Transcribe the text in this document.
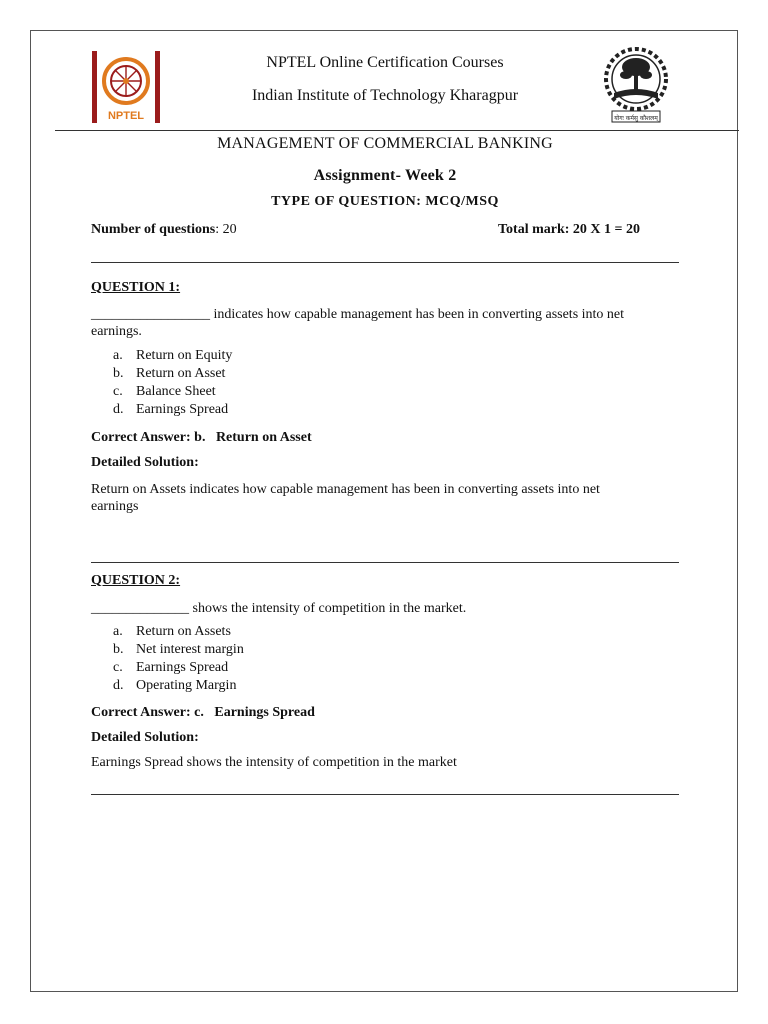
NPTEL
NPTEL Online Certification Courses
Indian Institute of Technology Kharagpur
योगः कर्मसु कौशलम्
MANAGEMENT OF COMMERCIAL BANKING
Assignment- Week 2
TYPE OF QUESTION: MCQ/MSQ
Number of questions: 20	Total mark: 20 X 1 = 20
QUESTION 1:
_________________ indicates how capable management has been in converting assets into net
earnings.
a. Return on Equity
b. Return on Asset
c. Balance Sheet
d. Earnings Spread
Correct Answer: b.   Return on Asset
Detailed Solution:
Return on Assets indicates how capable management has been in converting assets into net
earnings
QUESTION 2:
______________ shows the intensity of competition in the market.
a. Return on Assets
b. Net interest margin
c. Earnings Spread
d. Operating Margin
Correct Answer: c.   Earnings Spread
Detailed Solution:
Earnings Spread shows the intensity of competition in the market
